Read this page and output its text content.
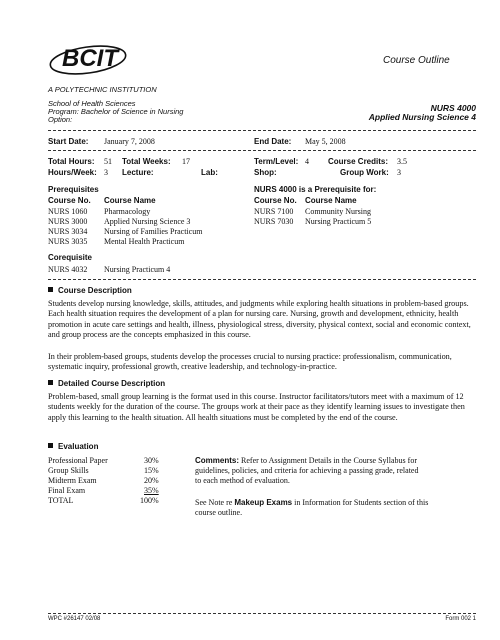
BCIT
A POLYTECHNIC INSTITUTION
Course Outline
School of Health Sciences
Program: Bachelor of Science in Nursing
Option:
NURS 4000
Applied Nursing Science 4
Start Date: January 7, 2008	End Date: May 5, 2008
Total Hours: 51 Total Weeks: 17	Term/Level: 4 Course Credits: 3.5
Hours/Week: 3 Lecture:	Lab:	Shop:	Group Work: 3
Prerequisites
Course No. Course Name
NURS 1060 Pharmacology
NURS 3000 Applied Nursing Science 3
NURS 3034 Nursing of Families Practicum
NURS 3035 Mental Health Practicum
NURS 4000 is a Prerequisite for:
Course No. Course Name
NURS 7100 Community Nursing
NURS 7030 Nursing Practicum 5
Corequisite
NURS 4032 Nursing Practicum 4
Course Description
Students develop nursing knowledge, skills, attitudes, and judgments while exploring health situations in problem-based groups. Each health situation requires the development of a plan for nursing care. Nursing, growth and development, ethnicity, health promotion in acute care settings and health, illness, physiological stress, diversity, physical context, social and economic context, and group process are the concepts emphasized in this course.
In their problem-based groups, students develop the processes crucial to nursing practice: professionalism, communication, systematic inquiry, professional growth, creative leadership, and technology-in-practice.
Detailed Course Description
Problem-based, small group learning is the format used in this course. Instructor facilitators/tutors meet with a maximum of 12 students weekly for the duration of the course. The groups work at their pace as they identify learning issues to investigate then apply this learning to the health situation. All health situations must be completed by the end of the course.
Evaluation
Professional Paper	30%
Group Skills	15%
Midterm Exam	20%
Final Exam	35%
TOTAL	100%
Comments: Refer to Assignment Details in the Course Syllabus for
guidelines, policies, and criteria for achieving a passing grade, related
to each method of evaluation.
See Note re Makeup Exams in Information for Students section of this
course outline.
WPC #26147 02/08	Form 002 1
